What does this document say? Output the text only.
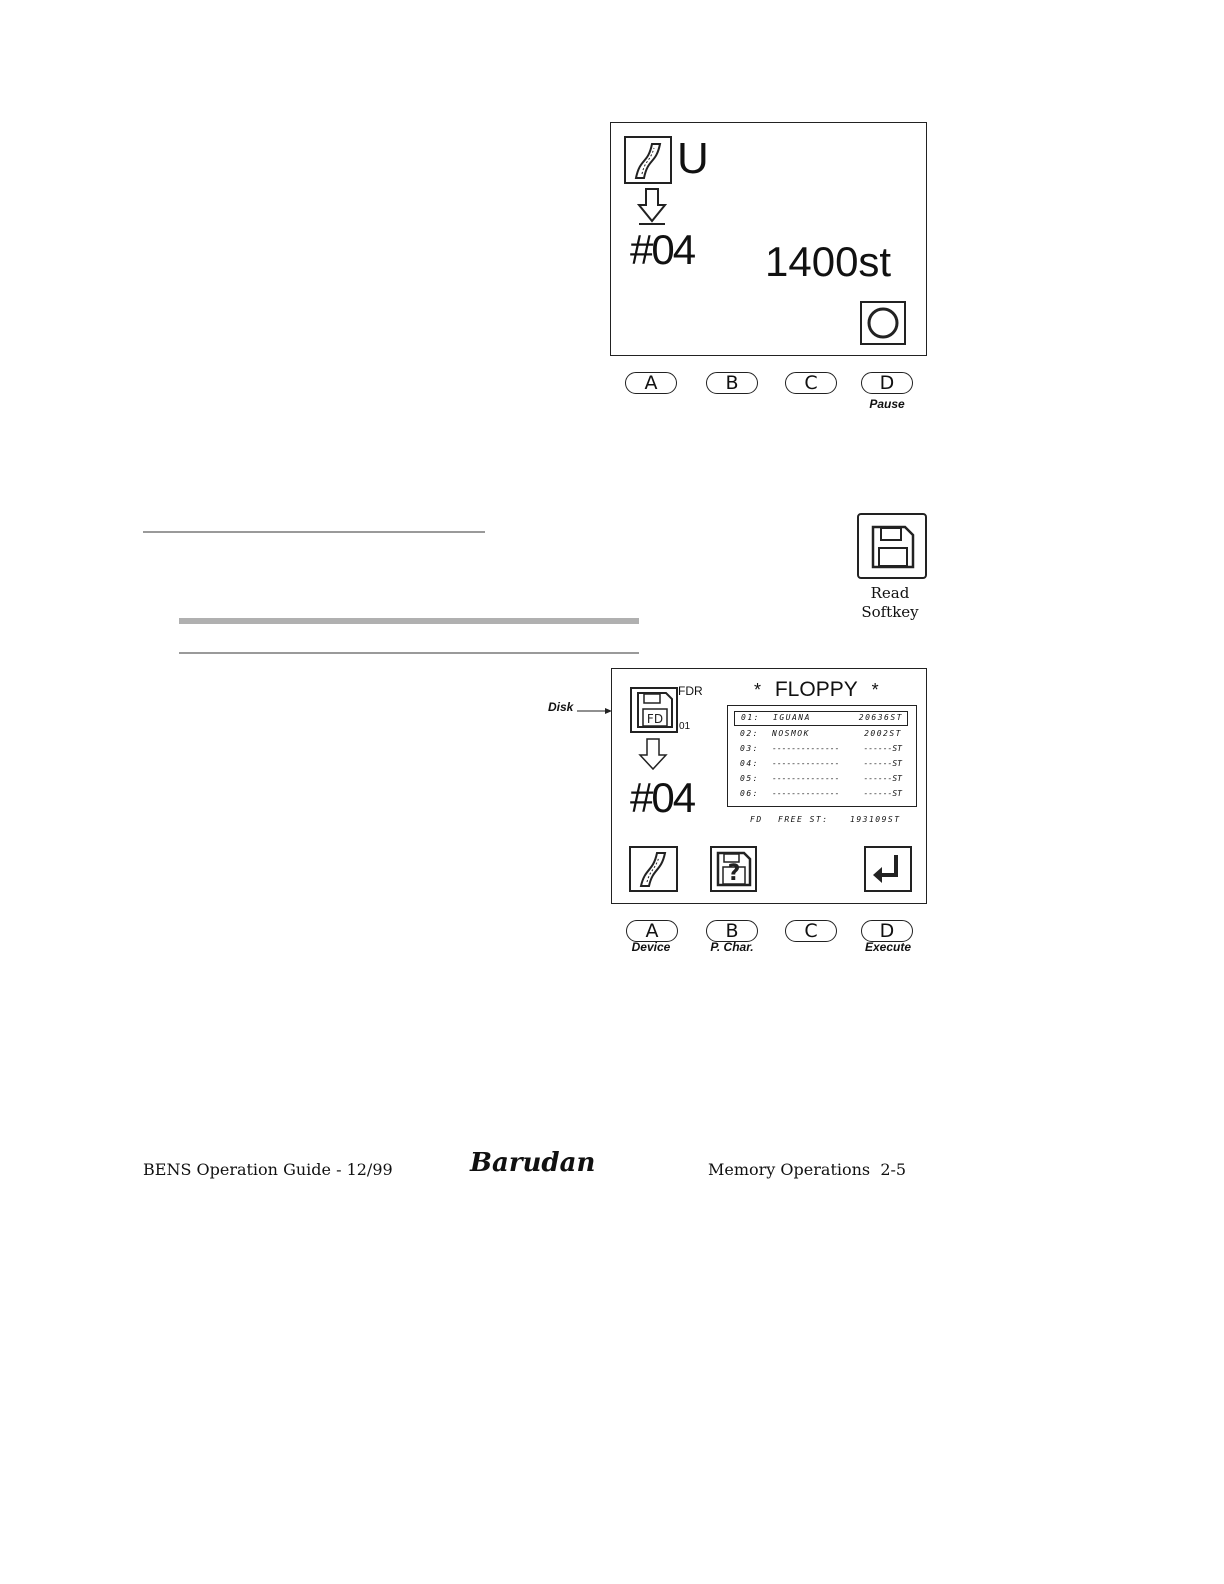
U
#04 1400st
A	B	C	D
Pause
Read
Softkey
Disk
FD
FDR
01
#04
* FLOPPY *
01: IGUANA	20636ST
02: NOSMOK	2002ST
03: --------------	------ST
04: --------------	------ST
05: --------------	------ST
06: --------------	------ST
FD FREE ST:	193109ST
?
A	B	C	D
Device	P. Char.	Execute
BENS Operation Guide - 12/99	Barudan	Memory Operations  2-5
